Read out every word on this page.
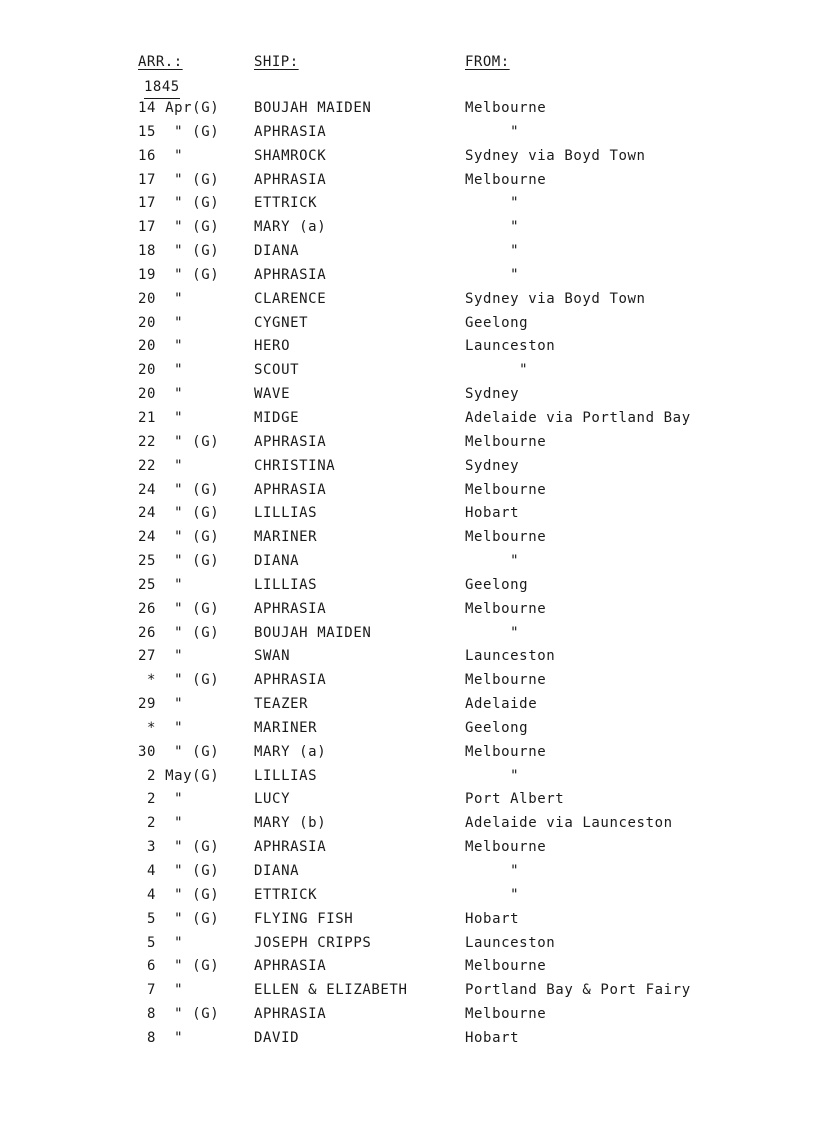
ARR.:	SHIP:	FROM:
1845
14 Apr(G)	BOUJAH MAIDEN	Melbourne
15  " (G)	APHRASIA	"
16  "	SHAMROCK	Sydney via Boyd Town
17  " (G)	APHRASIA	Melbourne
17  " (G)	ETTRICK	"
17  " (G)	MARY (a)	"
18  " (G)	DIANA	"
19  " (G)	APHRASIA	"
20  "	CLARENCE	Sydney via Boyd Town
20  "	CYGNET	Geelong
20  "	HERO	Launceston
20  "	SCOUT	"
20  "	WAVE	Sydney
21  "	MIDGE	Adelaide via Portland Bay
22  " (G)	APHRASIA	Melbourne
22  "	CHRISTINA	Sydney
24  " (G)	APHRASIA	Melbourne
24  " (G)	LILLIAS	Hobart
24  " (G)	MARINER	Melbourne
25  " (G)	DIANA	"
25  "	LILLIAS	Geelong
26  " (G)	APHRASIA	Melbourne
26  " (G)	BOUJAH MAIDEN	"
27  "	SWAN	Launceston
*  " (G)	APHRASIA	Melbourne
29  "	TEAZER	Adelaide
*  "	MARINER	Geelong
30  " (G)	MARY (a)	Melbourne
2 May(G)	LILLIAS	"
2  "	LUCY	Port Albert
2  "	MARY (b)	Adelaide via Launceston
3  " (G)	APHRASIA	Melbourne
4  " (G)	DIANA	"
4  " (G)	ETTRICK	"
5  " (G)	FLYING FISH	Hobart
5  "	JOSEPH CRIPPS	Launceston
6  " (G)	APHRASIA	Melbourne
7  "	ELLEN & ELIZABETH	Portland Bay & Port Fairy
8  " (G)	APHRASIA	Melbourne
8  "	DAVID	Hobart
